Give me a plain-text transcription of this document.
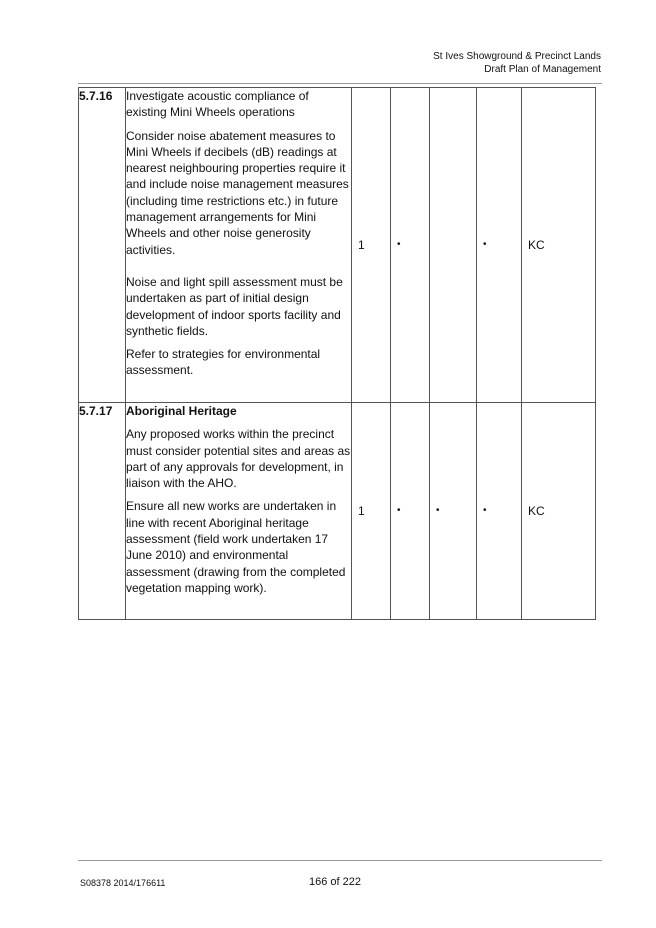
St Ives Showground & Precinct Lands
Draft Plan of Management
5.7.16	Investigate acoustic compliance of existing Mini Wheels operations

Consider noise abatement measures to Mini Wheels if decibels (dB) readings at nearest neighbouring properties require it and include noise management measures (including time restrictions etc.) in future management arrangements for Mini Wheels and other noise generosity activities.

Noise and light spill assessment must be undertaken as part of initial design development of indoor sports facility and synthetic fields.

Refer to strategies for environmental assessment.	1	•		•	KC
5.7.17	Aboriginal Heritage

Any proposed works within the precinct must consider potential sites and areas as part of any approvals for development, in liaison with the AHO.

Ensure all new works are undertaken in line with recent Aboriginal heritage assessment (field work undertaken 17 June 2010) and environmental assessment (drawing from the completed vegetation mapping work).	1	•	•	•	KC
S08378 2014/176611	166 of 222
